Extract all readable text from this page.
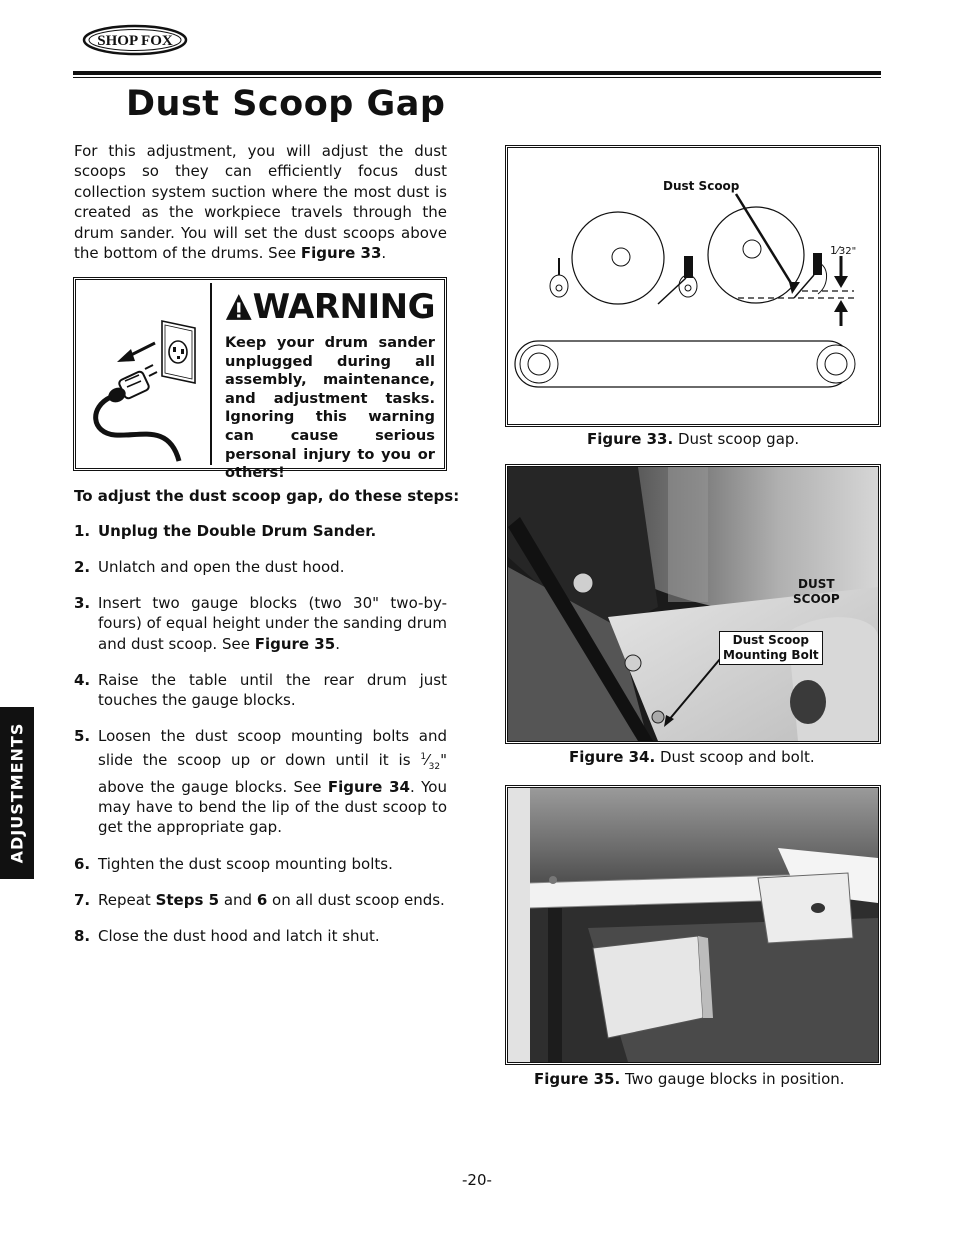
SHOP FOX
Dust Scoop Gap
For this adjustment, you will adjust the dust scoops so they can efficiently focus dust collection system suction where the most dust is created as the workpiece travels through the drum sander. You will set the dust scoops above the bottom of the drums. See Figure 33.
WARNING
Keep your drum sander unplugged during all assembly, maintenance, and adjustment tasks. Ignoring this warning can cause serious personal injury to you or others!
To adjust the dust scoop gap, do these steps:
1. Unplug the Double Drum Sander.
2. Unlatch and open the dust hood.
3. Insert two gauge blocks (two 30" two-by-fours) of equal height under the sanding drum and dust scoop. See Figure 35.
4. Raise the table until the rear drum just touches the gauge blocks.
5. Loosen the dust scoop mounting bolts and slide the scoop up or down until it is $^1⁄_{32}$" above the gauge blocks. See Figure 34. You may have to bend the lip of the dust scoop to get the appropriate gap.
6. Tighten the dust scoop mounting bolts.
7. Repeat Steps 5 and 6 on all dust scoop ends.
8. Close the dust hood and latch it shut.
ADJUSTMENTS
Dust Scoop
1⁄32"
Figure 33. Dust scoop gap.
DUST
SCOOP
Dust Scoop
Mounting Bolt
Figure 34. Dust scoop and bolt.
Figure 35. Two gauge blocks in position.
-20-
